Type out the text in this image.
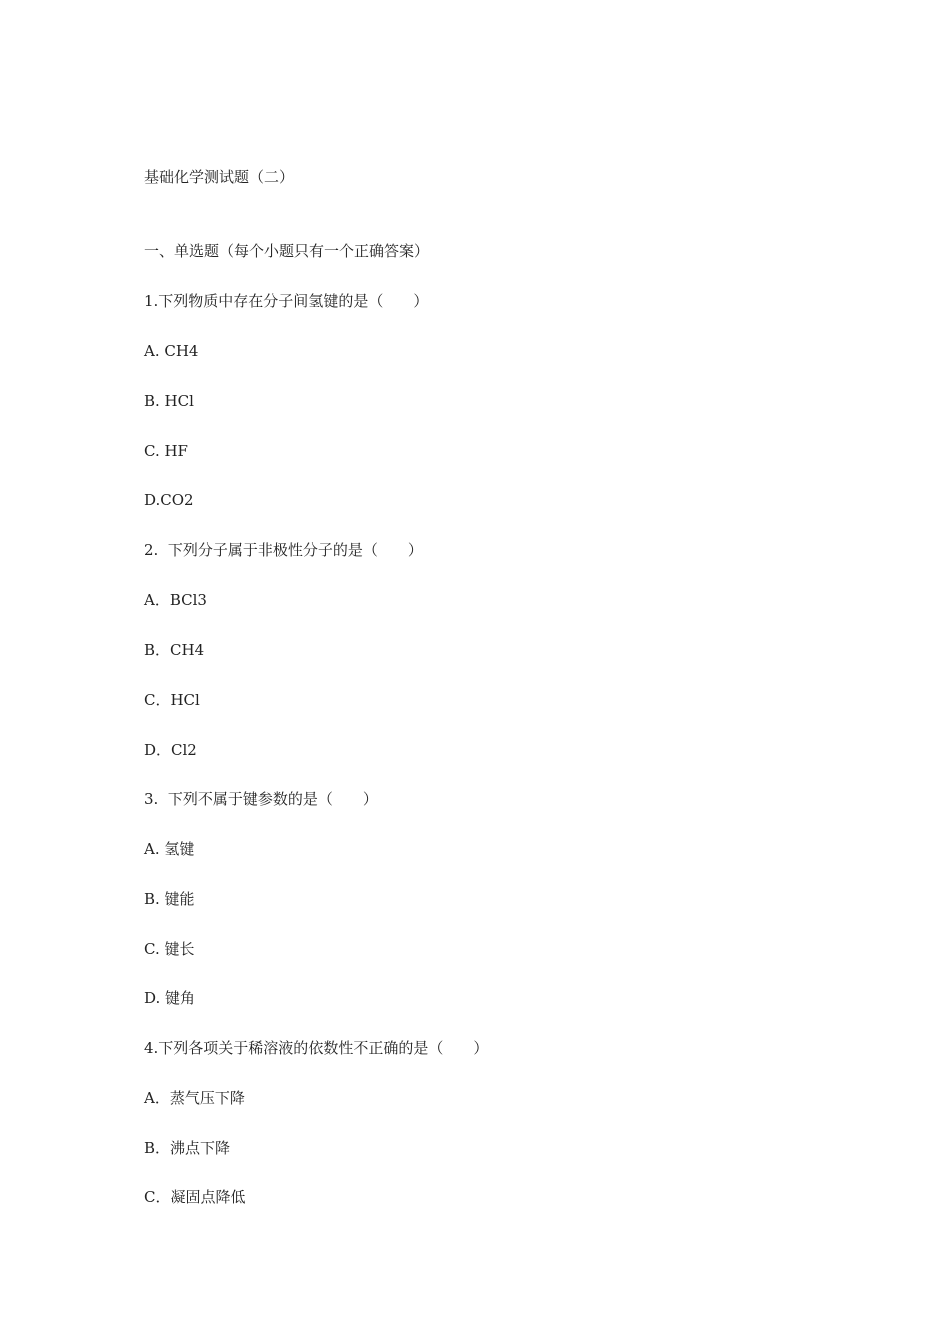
基础化学测试题（二）
一、单选题（每个小题只有一个正确答案）
1.下列物质中存在分子间氢键的是（　　）
A. CH4
B. HCl
C. HF
D.CO2
2.  下列分子属于非极性分子的是（　　）
A．BCl3
B．CH4
C．HCl
D．Cl2
3.  下列不属于键参数的是（　　）
A. 氢键
B. 键能
C. 键长
D. 键角
4.下列各项关于稀溶液的依数性不正确的是（　　）
A．蒸气压下降
B．沸点下降
C．凝固点降低
